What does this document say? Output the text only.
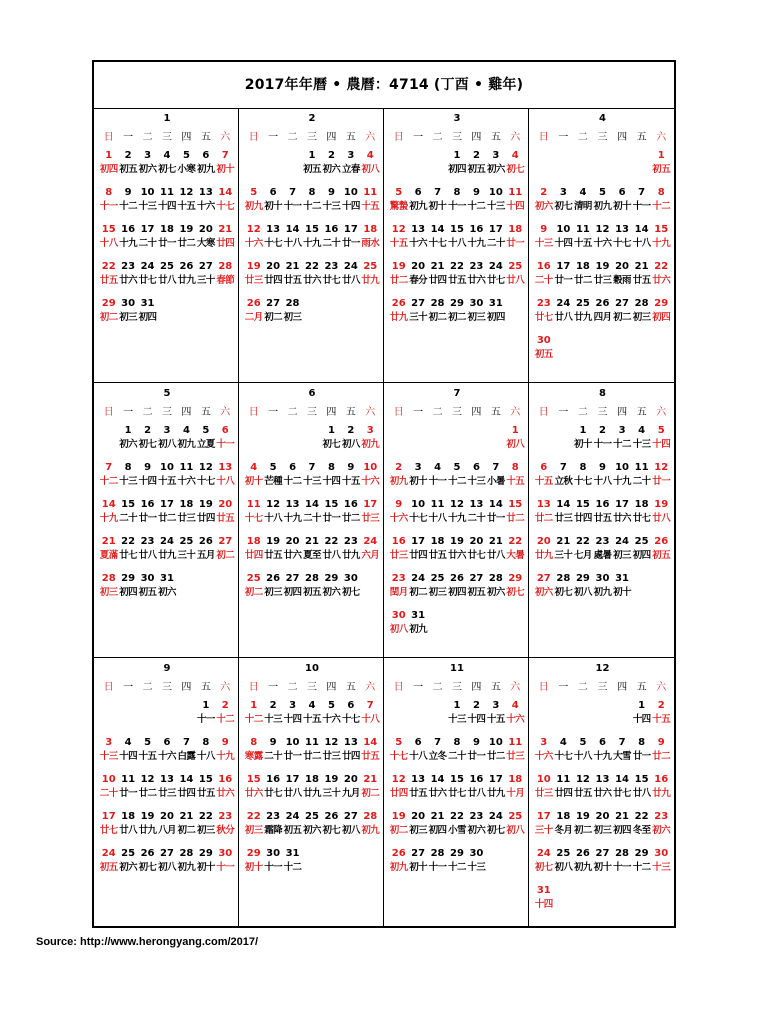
2017年年曆 • 農曆：4714 (丁酉 • 雞年)
1
日 一 二 三 四 五 六
1
初四
2
初五
3
初六
4
初七
5
小寒
6
初九
7
初十
8
十一
9
十二
10
十三
11
十四
12
十五
13
十六
14
十七
15
十八
16
十九
17
二十
18
廿一
19
廿二
20
大寒
21
廿四
22
廿五
23
廿六
24
廿七
25
廿八
26
廿九
27
三十
28
春節
29
初二
30
初三
31
初四
2
日 一 二 三 四 五 六
1
初五
2
初六
3
立春
4
初八
5
初九
6
初十
7
十一
8
十二
9
十三
10
十四
11
十五
12
十六
13
十七
14
十八
15
十九
16
二十
17
廿一
18
雨水
19
廿三
20
廿四
21
廿五
22
廿六
23
廿七
24
廿八
25
廿九
26
二月
27
初二
28
初三
3
日 一 二 三 四 五 六
1
初四
2
初五
3
初六
4
初七
5
驚蟄
6
初九
7
初十
8
十一
9
十二
10
十三
11
十四
12
十五
13
十六
14
十七
15
十八
16
十九
17
二十
18
廿一
19
廿二
20
春分
21
廿四
22
廿五
23
廿六
24
廿七
25
廿八
26
廿九
27
三十
28
初二
29
初二
30
初三
31
初四
4
日 一 二 三 四 五 六
1
初五
2
初六
3
初七
4
清明
5
初九
6
初十
7
十一
8
十二
9
十三
10
十四
11
十五
12
十六
13
十七
14
十八
15
十九
16
二十
17
廿一
18
廿二
19
廿三
20
穀雨
21
廿五
22
廿六
23
廿七
24
廿八
25
廿九
26
四月
27
初二
28
初三
29
初四
30
初五
5
日 一 二 三 四 五 六
1
初六
2
初七
3
初八
4
初九
5
立夏
6
十一
7
十二
8
十三
9
十四
10
十五
11
十六
12
十七
13
十八
14
十九
15
二十
16
廿一
17
廿二
18
廿三
19
廿四
20
廿五
21
夏滿
22
廿七
23
廿八
24
廿九
25
三十
26
五月
27
初二
28
初三
29
初四
30
初五
31
初六
6
日 一 二 三 四 五 六
1
初七
2
初八
3
初九
4
初十
5
芒種
6
十二
7
十三
8
十四
9
十五
10
十六
11
十七
12
十八
13
十九
14
二十
15
廿一
16
廿二
17
廿三
18
廿四
19
廿五
20
廿六
21
夏至
22
廿八
23
廿九
24
六月
25
初二
26
初三
27
初四
28
初五
29
初六
30
初七
7
日 一 二 三 四 五 六
1
初八
2
初九
3
初十
4
十一
5
十二
6
十三
7
小暑
8
十五
9
十六
10
十七
11
十八
12
十九
13
二十
14
廿一
15
廿二
16
廿三
17
廿四
18
廿五
19
廿六
20
廿七
21
廿八
22
大暑
23
閏月
24
初二
25
初三
26
初四
27
初五
28
初六
29
初七
30
初八
31
初九
8
日 一 二 三 四 五 六
1
初十
2
十一
3
十二
4
十三
5
十四
6
十五
7
立秋
8
十七
9
十八
10
十九
11
二十
12
廿一
13
廿二
14
廿三
15
廿四
16
廿五
17
廿六
18
廿七
19
廿八
20
廿九
21
三十
22
七月
23
處暑
24
初三
25
初四
26
初五
27
初六
28
初七
29
初八
30
初九
31
初十
9
日 一 二 三 四 五 六
1
十一
2
十二
3
十三
4
十四
5
十五
6
十六
7
白露
8
十八
9
十九
10
二十
11
廿一
12
廿二
13
廿三
14
廿四
15
廿五
16
廿六
17
廿七
18
廿八
19
廿九
20
八月
21
初二
22
初三
23
秋分
24
初五
25
初六
26
初七
27
初八
28
初九
29
初十
30
十一
10
日 一 二 三 四 五 六
1
十二
2
十三
3
十四
4
十五
5
十六
6
十七
7
十八
8
寒露
9
二十
10
廿一
11
廿二
12
廿三
13
廿四
14
廿五
15
廿六
16
廿七
17
廿八
18
廿九
19
三十
20
九月
21
初二
22
初三
23
霜降
24
初五
25
初六
26
初七
27
初八
28
初九
29
初十
30
十一
31
十二
11
日 一 二 三 四 五 六
1
十三
2
十四
3
十五
4
十六
5
十七
6
十八
7
立冬
8
二十
9
廿一
10
廿二
11
廿三
12
廿四
13
廿五
14
廿六
15
廿七
16
廿八
17
廿九
18
十月
19
初二
20
初三
21
初四
22
小雪
23
初六
24
初七
25
初八
26
初九
27
初十
28
十一
29
十二
30
十三
12
日 一 二 三 四 五 六
1
十四
2
十五
3
十六
4
十七
5
十八
6
十九
7
大雪
8
廿一
9
廿二
10
廿三
11
廿四
12
廿五
13
廿六
14
廿七
15
廿八
16
廿九
17
三十
18
冬月
19
初二
20
初三
21
初四
22
冬至
23
初六
24
初七
25
初八
26
初九
27
初十
28
十一
29
十二
30
十三
31
十四
Source: http://www.herongyang.com/2017/
